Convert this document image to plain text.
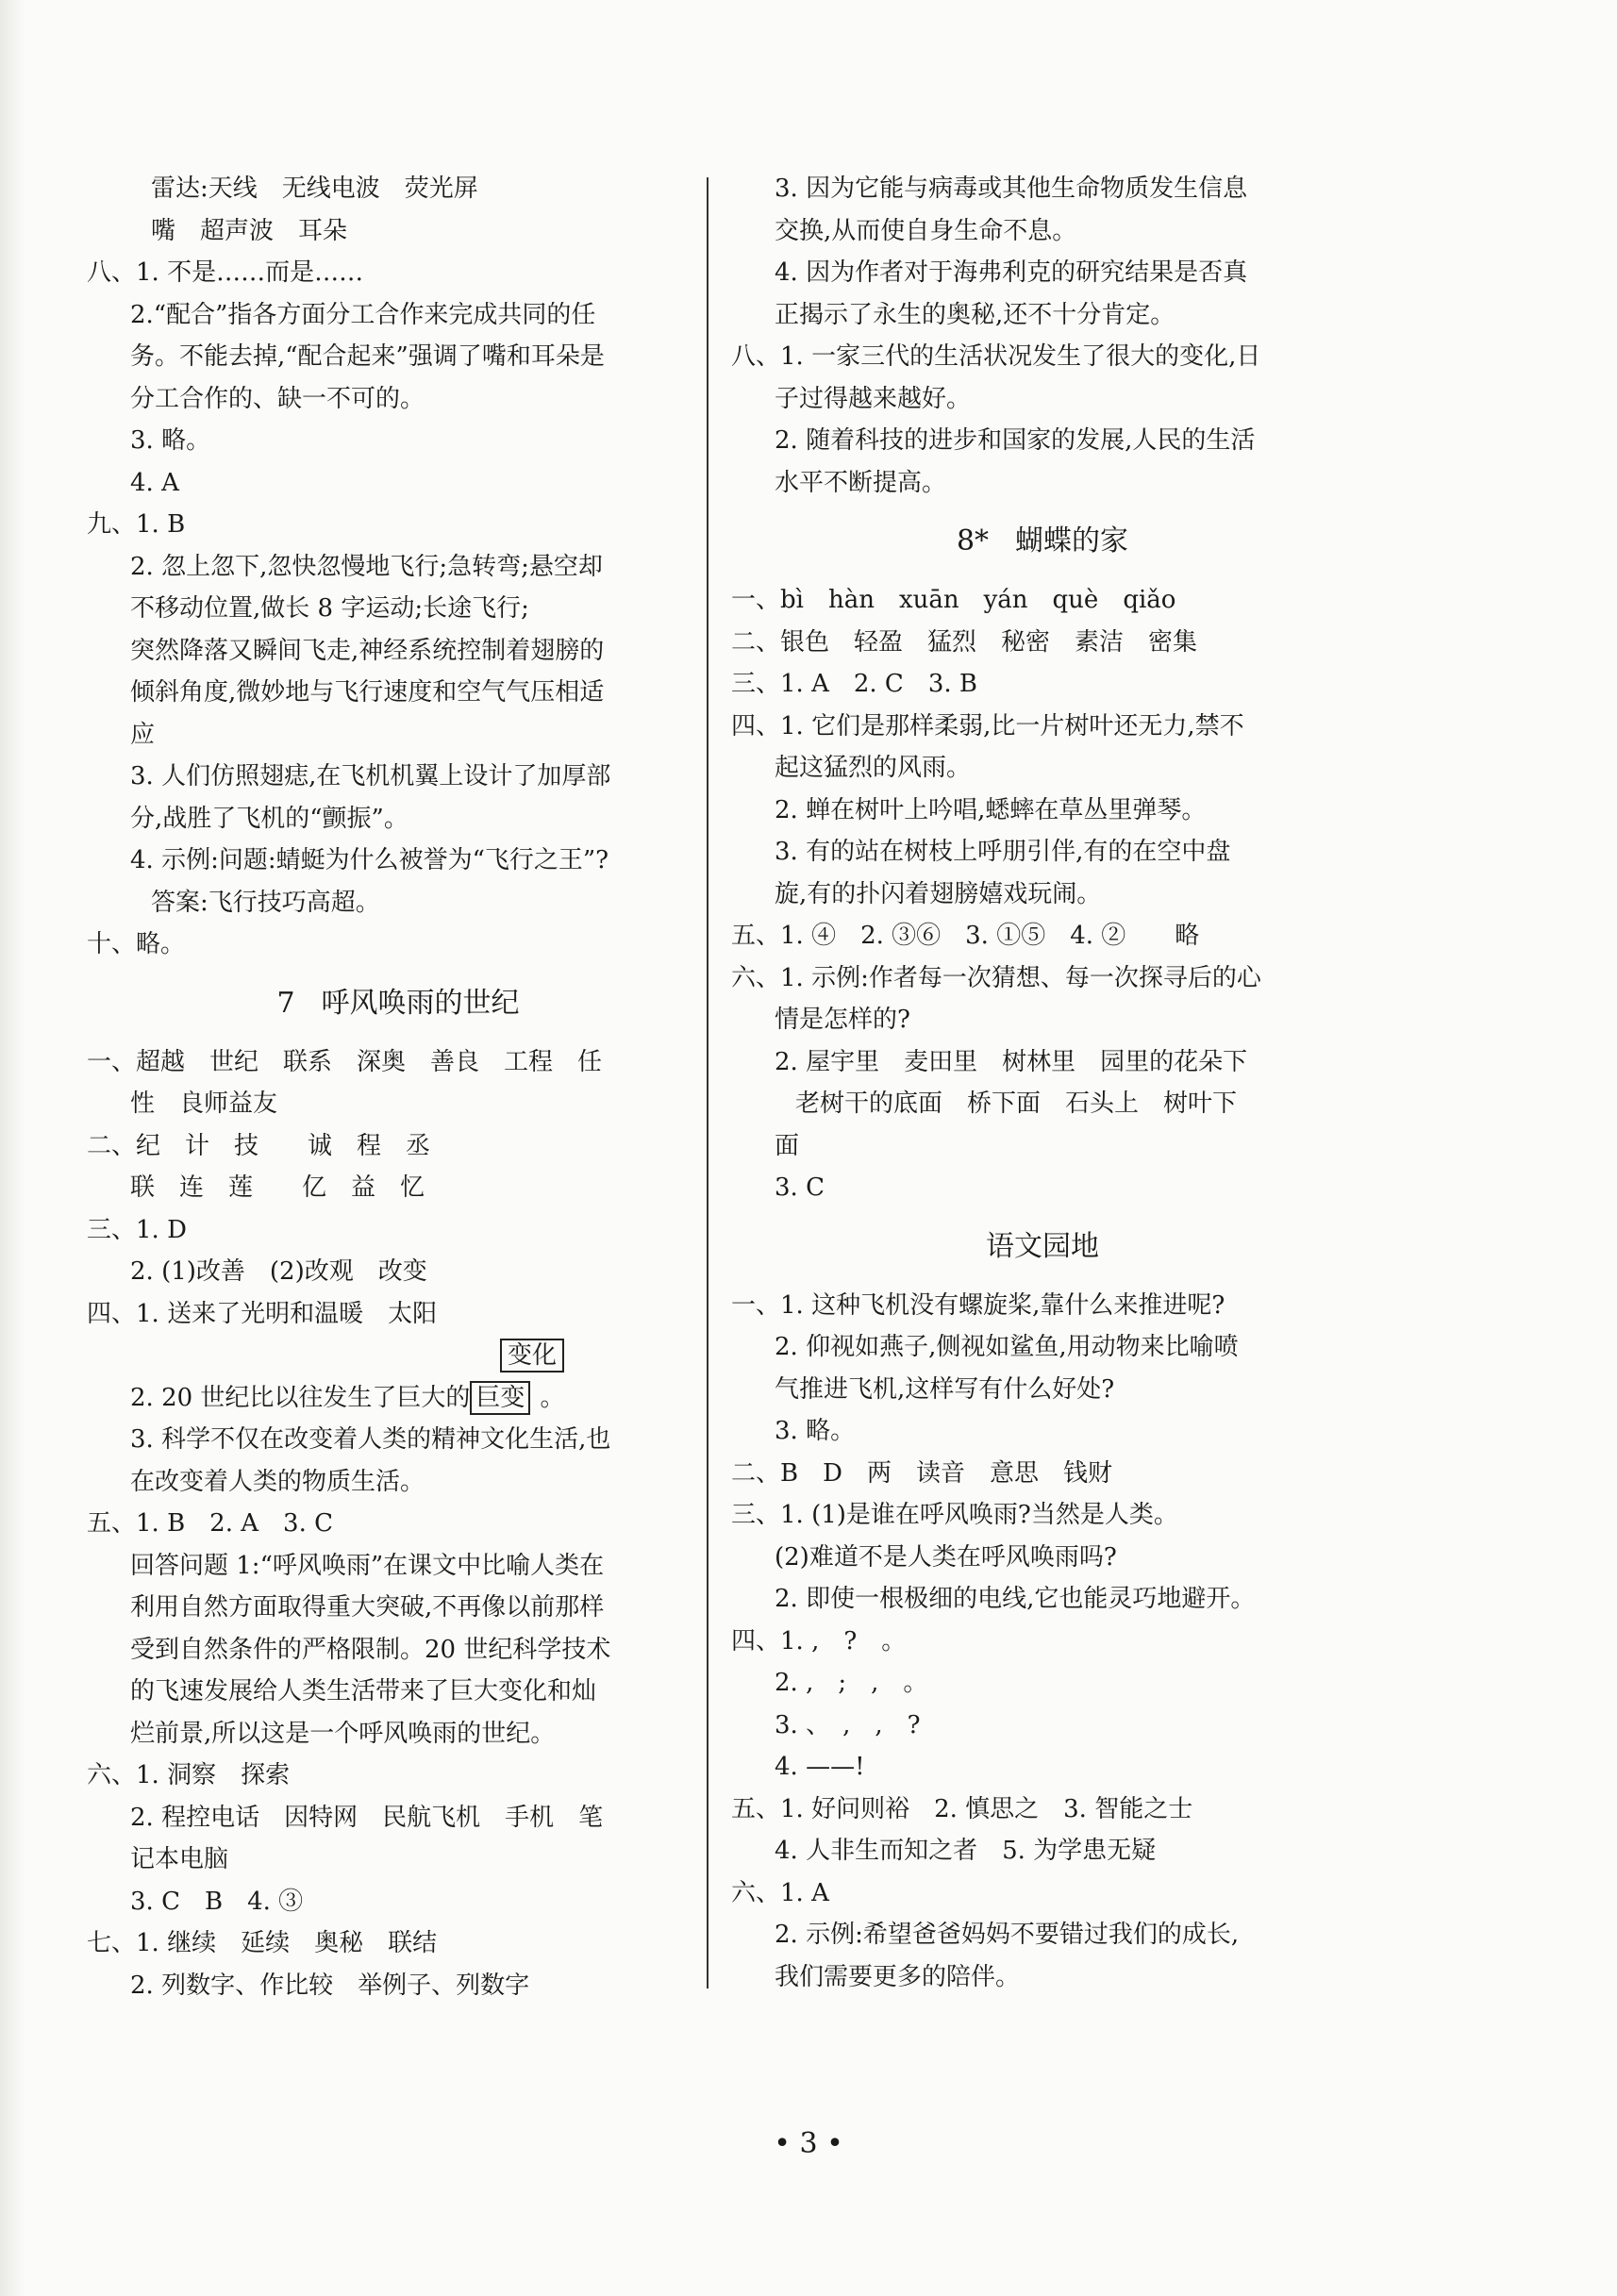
雷达:天线　无线电波　荧光屏
嘴　超声波　耳朵
八、1. 不是……而是……
2.“配合”指各方面分工合作来完成共同的任
务。不能去掉,“配合起来”强调了嘴和耳朵是
分工合作的、缺一不可的。
3. 略。
4. A
九、1. B
2. 忽上忽下,忽快忽慢地飞行;急转弯;悬空却
不移动位置,做长 8 字运动;长途飞行;
突然降落又瞬间飞走,神经系统控制着翅膀的
倾斜角度,微妙地与飞行速度和空气气压相适
应
3. 人们仿照翅痣,在飞机机翼上设计了加厚部
分,战胜了飞机的“颤振”。
4. 示例:问题:蜻蜓为什么被誉为“飞行之王”?
答案:飞行技巧高超。
十、略。
7 呼风唤雨的世纪
一、超越　世纪　联系　深奥　善良　工程　任
性　良师益友
二、纪　计　技　　诚　程　丞
联　连　莲　　亿　益　忆
三、1. D
2. (1)改善　(2)改观　改变
四、1. 送来了光明和温暖　太阳
变化
2. 20 世纪比以往发生了巨大的 巨变 。
3. 科学不仅在改变着人类的精神文化生活,也
在改变着人类的物质生活。
五、1. B　2. A　3. C
回答问题 1:“呼风唤雨”在课文中比喻人类在
利用自然方面取得重大突破,不再像以前那样
受到自然条件的严格限制。20 世纪科学技术
的飞速发展给人类生活带来了巨大变化和灿
烂前景,所以这是一个呼风唤雨的世纪。
六、1. 洞察　探索
2. 程控电话　因特网　民航飞机　手机　笔
记本电脑
3. C　B　4. ③
七、1. 继续　延续　奥秘　联结
2. 列数字、作比较　举例子、列数字
3. 因为它能与病毒或其他生命物质发生信息
交换,从而使自身生命不息。
4. 因为作者对于海弗利克的研究结果是否真
正揭示了永生的奥秘,还不十分肯定。
八、1. 一家三代的生活状况发生了很大的变化,日
子过得越来越好。
2. 随着科技的进步和国家的发展,人民的生活
水平不断提高。
8* 蝴蝶的家
一、bì　hàn　xuān　yán　què　qiǎo
二、银色　轻盈　猛烈　秘密　素洁　密集
三、1. A　2. C　3. B
四、1. 它们是那样柔弱,比一片树叶还无力,禁不
起这猛烈的风雨。
2. 蝉在树叶上吟唱,蟋蟀在草丛里弹琴。
3. 有的站在树枝上呼朋引伴,有的在空中盘
旋,有的扑闪着翅膀嬉戏玩闹。
五、1. ④　2. ③⑥　3. ①⑤　4. ②　　略
六、1. 示例:作者每一次猜想、每一次探寻后的心
情是怎样的?
2. 屋宇里　麦田里　树林里　园里的花朵下
老树干的底面　桥下面　石头上　树叶下
面
3. C
语文园地
一、1. 这种飞机没有螺旋桨,靠什么来推进呢?
2. 仰视如燕子,侧视如鲨鱼,用动物来比喻喷
气推进飞机,这样写有什么好处?
3. 略。
二、B　D　两　读音　意思　钱财
三、1. (1)是谁在呼风唤雨?当然是人类。
(2)难道不是人类在呼风唤雨吗?
2. 即使一根极细的电线,它也能灵巧地避开。
四、1. ,　?　。
2. ,　;　,　。
3. 、　,　,　?
4. ——!
五、1. 好问则裕　2. 慎思之　3. 智能之士
4. 人非生而知之者　5. 为学患无疑
六、1. A
2. 示例:希望爸爸妈妈不要错过我们的成长,
我们需要更多的陪伴。
• 3 •
